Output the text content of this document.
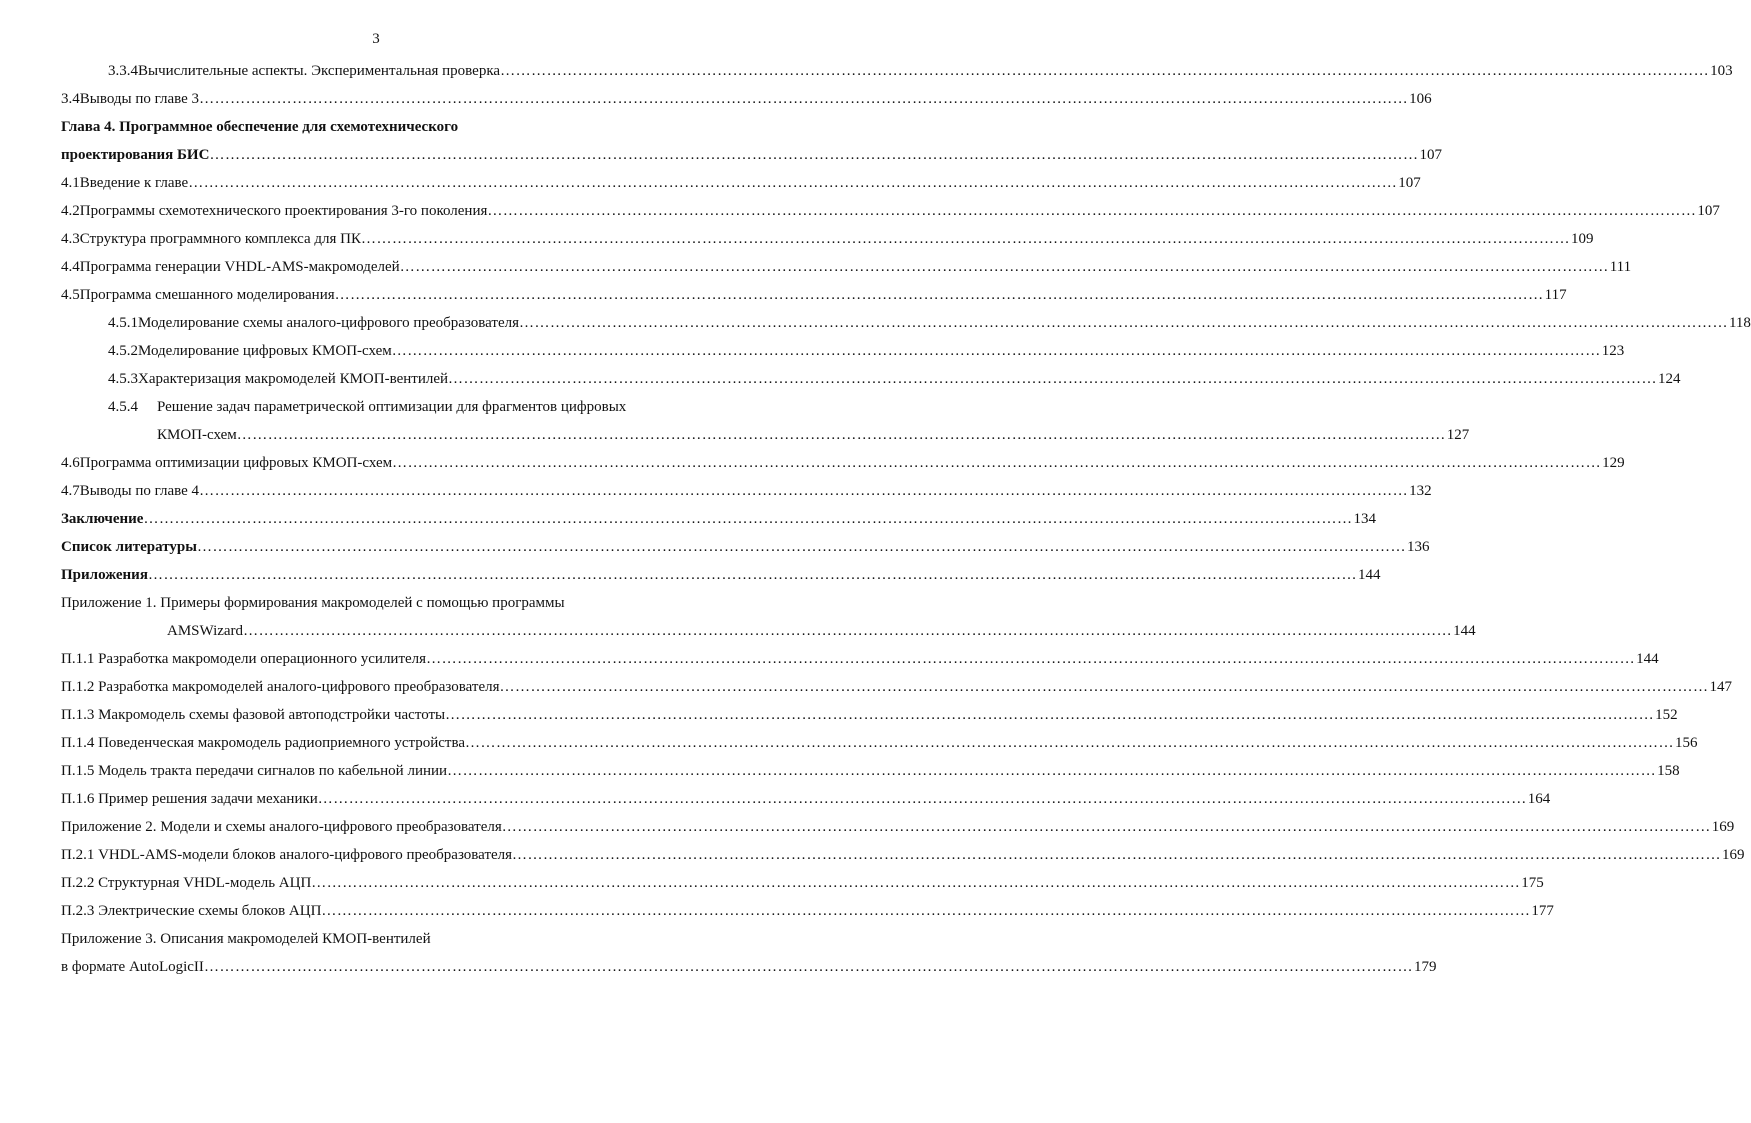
3
3.3.4 Вычислительные аспекты. Экспериментальная проверка ………………………………………………………………………………………………………………………………………………………………………………………………………………	103
3.4 Выводы по главе 3 ………………………………………………………………………………………………………………………………………………………………………………………………………………	106
Глава 4. Программное обеспечение для схемотехнического
проектирования БИС ………………………………………………………………………………………………………………………………………………………………………………………………………………	107
4.1 Введение к главе ………………………………………………………………………………………………………………………………………………………………………………………………………………	107
4.2 Программы схемотехнического проектирования 3-го поколения ………………………………………………………………………………………………………………………………………………………………………………………………………………	107
4.3 Структура программного комплекса для ПК ………………………………………………………………………………………………………………………………………………………………………………………………………………	109
4.4 Программа генерации VHDL-AMS-макромоделей ………………………………………………………………………………………………………………………………………………………………………………………………………………	111
4.5 Программа смешанного моделирования ………………………………………………………………………………………………………………………………………………………………………………………………………………	117
4.5.1 Моделирование схемы аналого-цифрового преобразователя ………………………………………………………………………………………………………………………………………………………………………………………………………………	118
4.5.2 Моделирование цифровых КМОП-схем ………………………………………………………………………………………………………………………………………………………………………………………………………………	123
4.5.3 Характеризация макромоделей КМОП-вентилей ………………………………………………………………………………………………………………………………………………………………………………………………………………	124
4.5.4	Решение задач параметрической оптимизации для фрагментов цифровых
КМОП-схем ………………………………………………………………………………………………………………………………………………………………………………………………………………	127
4.6 Программа оптимизации цифровых КМОП-схем ………………………………………………………………………………………………………………………………………………………………………………………………………………	129
4.7 Выводы по главе 4 ………………………………………………………………………………………………………………………………………………………………………………………………………………	132
Заключение ………………………………………………………………………………………………………………………………………………………………………………………………………………	134
Список литературы ………………………………………………………………………………………………………………………………………………………………………………………………………………	136
Приложения ………………………………………………………………………………………………………………………………………………………………………………………………………………	144
Приложение 1. Примеры формирования макромоделей с помощью программы
AMSWizard ………………………………………………………………………………………………………………………………………………………………………………………………………………	144
П.1.1 Разработка макромодели операционного усилителя ………………………………………………………………………………………………………………………………………………………………………………………………………………	144
П.1.2 Разработка макромоделей аналого-цифрового преобразователя ………………………………………………………………………………………………………………………………………………………………………………………………………………	147
П.1.3 Макромодель схемы фазовой автоподстройки частоты ………………………………………………………………………………………………………………………………………………………………………………………………………………	152
П.1.4 Поведенческая макромодель радиоприемного устройства ………………………………………………………………………………………………………………………………………………………………………………………………………………	156
П.1.5 Модель тракта передачи сигналов по кабельной линии ………………………………………………………………………………………………………………………………………………………………………………………………………………	158
П.1.6 Пример решения задачи механики ………………………………………………………………………………………………………………………………………………………………………………………………………………	164
Приложение 2. Модели и схемы аналого-цифрового преобразователя ………………………………………………………………………………………………………………………………………………………………………………………………………………	169
П.2.1 VHDL-AMS-модели блоков аналого-цифрового преобразователя ………………………………………………………………………………………………………………………………………………………………………………………………………………	169
П.2.2 Структурная VHDL-модель АЦП ………………………………………………………………………………………………………………………………………………………………………………………………………………	175
П.2.3 Электрические схемы блоков АЦП ………………………………………………………………………………………………………………………………………………………………………………………………………………	177
Приложение 3. Описания макромоделей КМОП-вентилей
в формате AutoLogicII ………………………………………………………………………………………………………………………………………………………………………………………………………………	179
